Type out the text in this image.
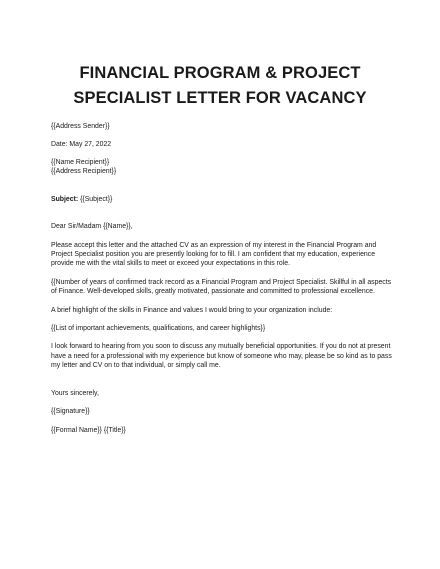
FINANCIAL PROGRAM & PROJECT
SPECIALIST LETTER FOR VACANCY

{{Address Sender}}

Date: May 27, 2022

{{Name Recipient}}

{{Address Recipient}}

Subject: {{Subject}}

Dear Sir/Madam {{Name}},

Please accept this letter and the attached CV as an expression of my interest in the Financial Program and Project Specialist position you are presently looking for to fill. I am confident that my education, experience provide me with the vital skills to meet or exceed your expectations in this role.

{{Number of years of confirmed track record as a Financial Program and Project Specialist. Skillful in all aspects of Finance. Well-developed skills, greatly motivated, passionate and committed to professional excellence.

A brief highlight of the skills in Finance and values I would bring to your organization include:

{{List of important achievements, qualifications, and career highlights}}

I look forward to hearing from you soon to discuss any mutually beneficial opportunities. If you do not at present have a need for a professional with my experience but know of someone who may, please be so kind as to pass my letter and CV on to that individual, or simply call me.

Yours sincerely,

{{Signature}}

{{Formal Name}} {{Title}}
